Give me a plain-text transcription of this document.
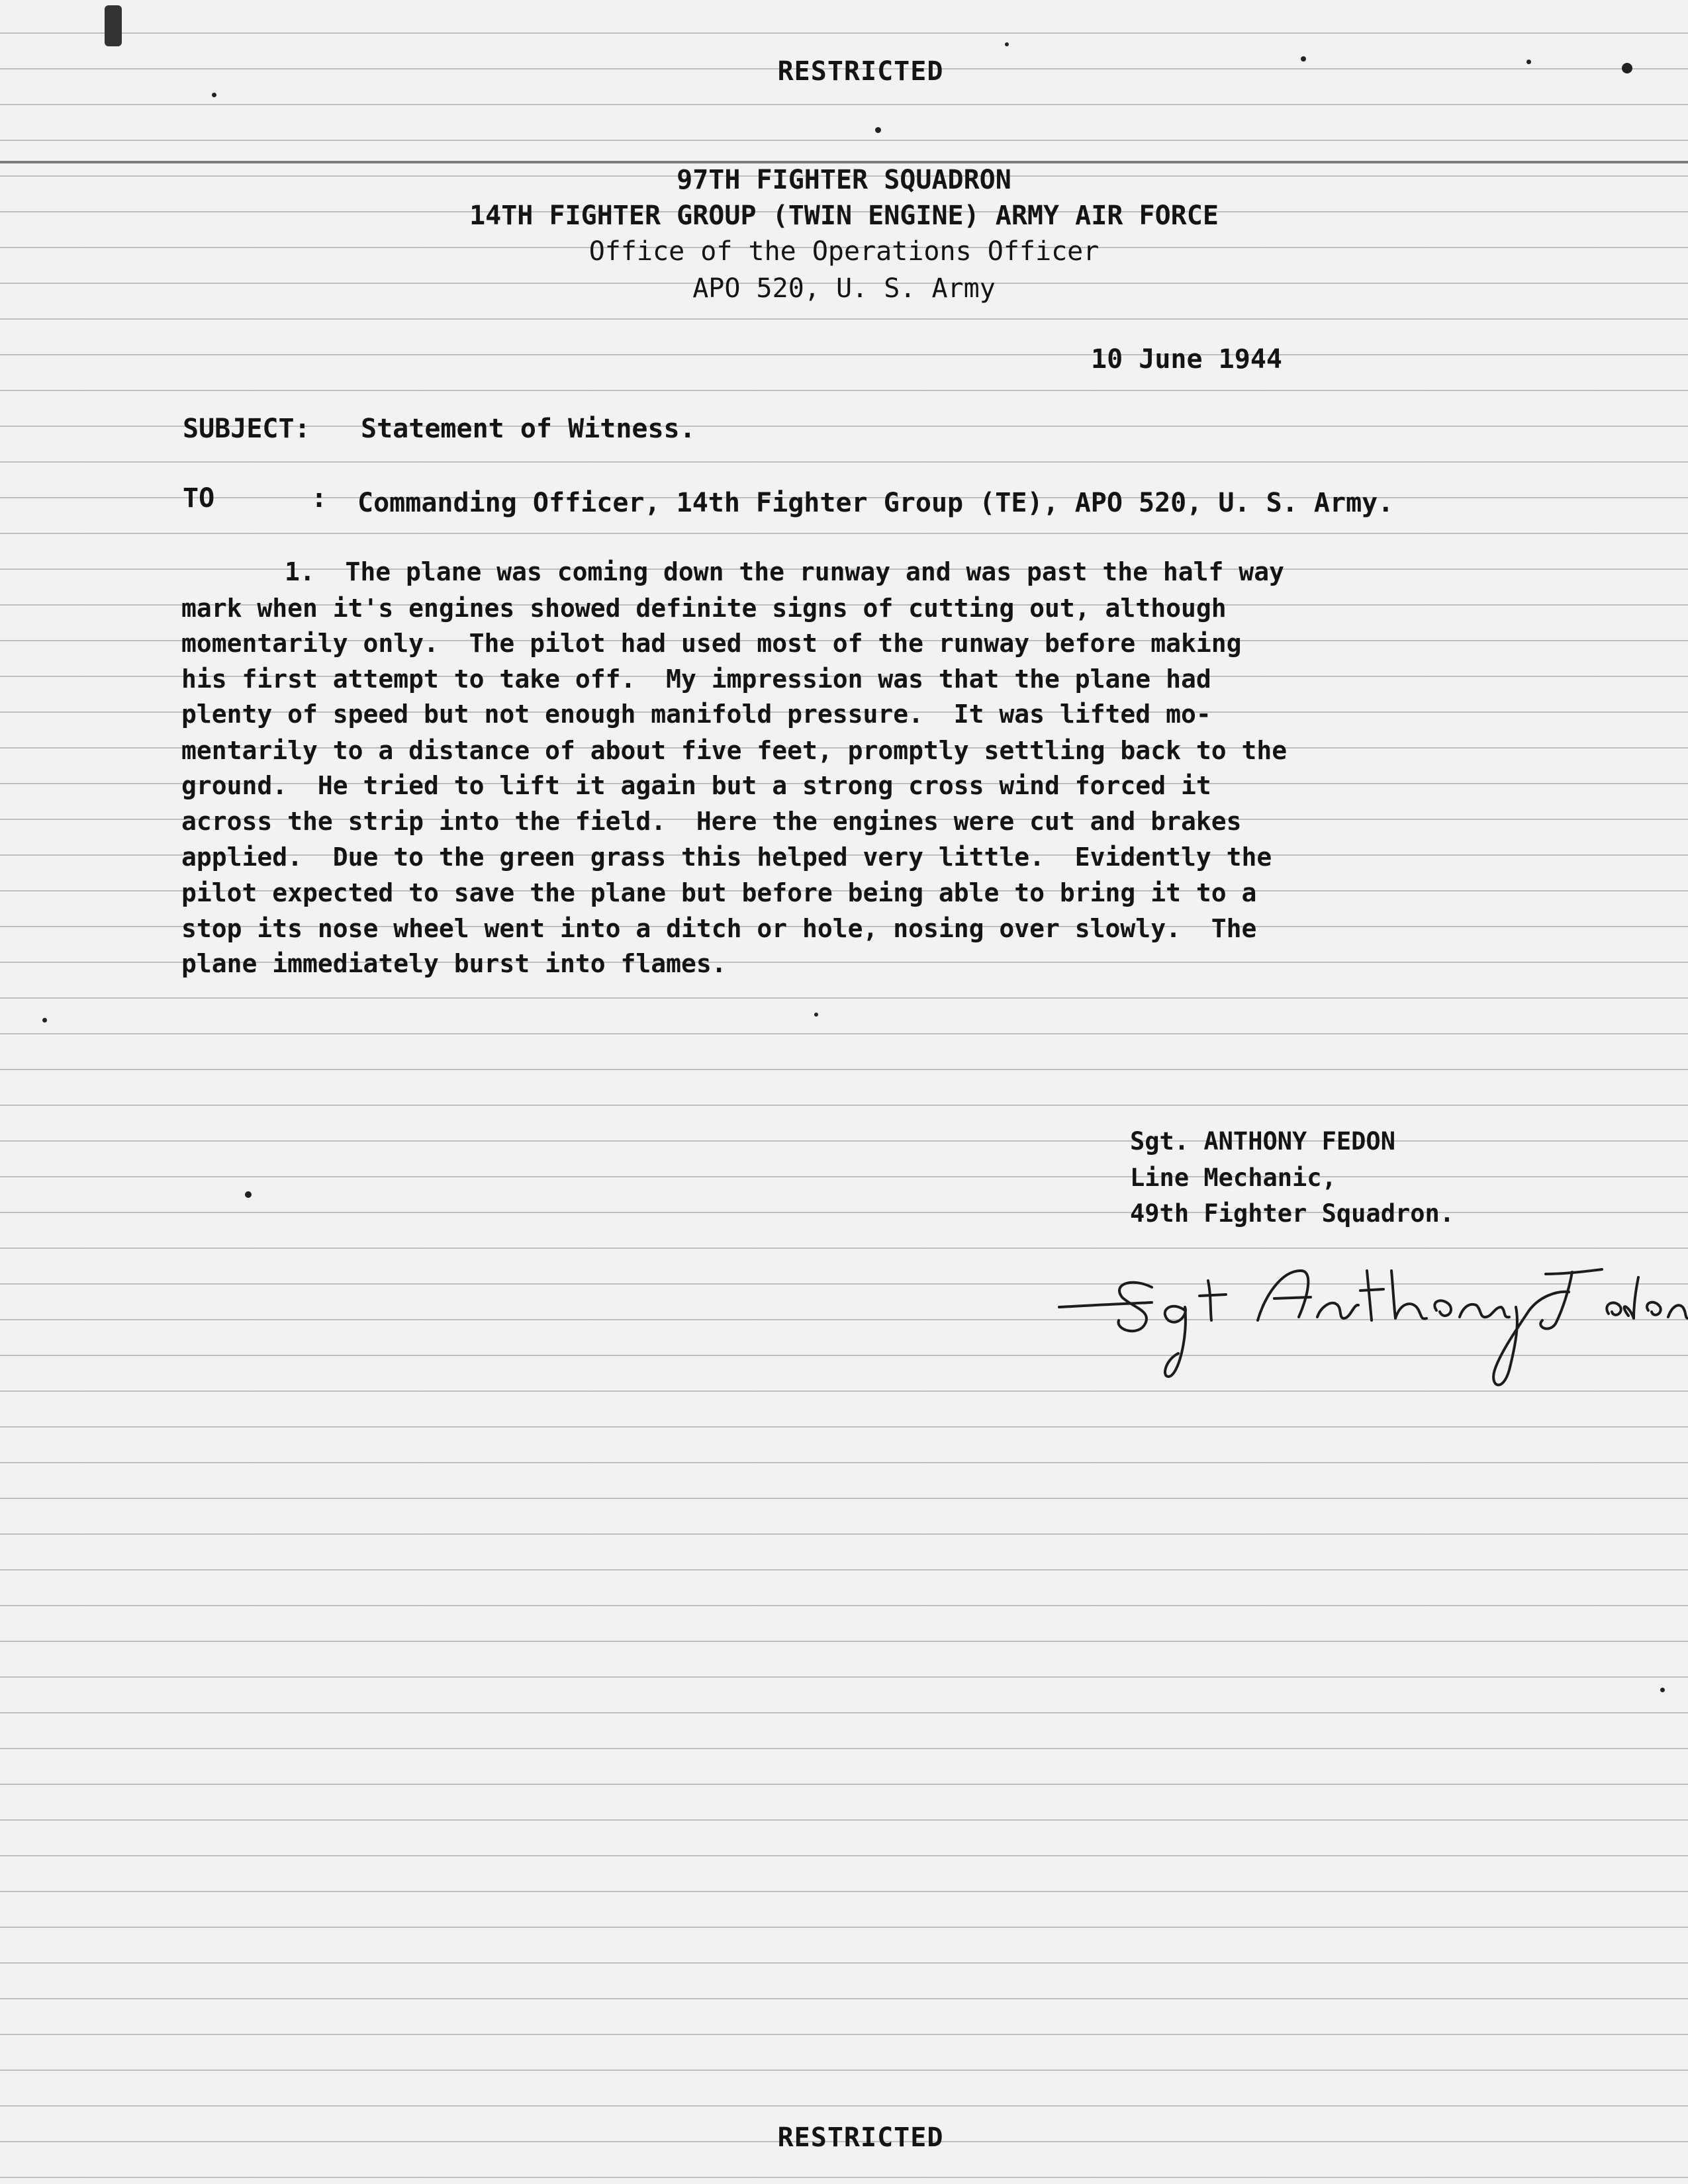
RESTRICTED
97TH FIGHTER SQUADRON
14TH FIGHTER GROUP (TWIN ENGINE) ARMY AIR FORCE
Office of the Operations Officer
APO 520, U. S. Army
10 June 1944
SUBJECT: Statement of Witness.
TO	: Commanding Officer, 14th Fighter Group (TE), APO 520, U. S. Army.
1.  The plane was coming down the runway and was past the half way
mark when it's engines showed definite signs of cutting out, although
momentarily only.  The pilot had used most of the runway before making
his first attempt to take off.  My impression was that the plane had
plenty of speed but not enough manifold pressure.  It was lifted mo-
mentarily to a distance of about five feet, promptly settling back to the
ground.  He tried to lift it again but a strong cross wind forced it
across the strip into the field.  Here the engines were cut and brakes
applied.  Due to the green grass this helped very little.  Evidently the
pilot expected to save the plane but before being able to bring it to a
stop its nose wheel went into a ditch or hole, nosing over slowly.  The
plane immediately burst into flames.
Sgt. ANTHONY FEDON
Line Mechanic,
49th Fighter Squadron.
RESTRICTED
